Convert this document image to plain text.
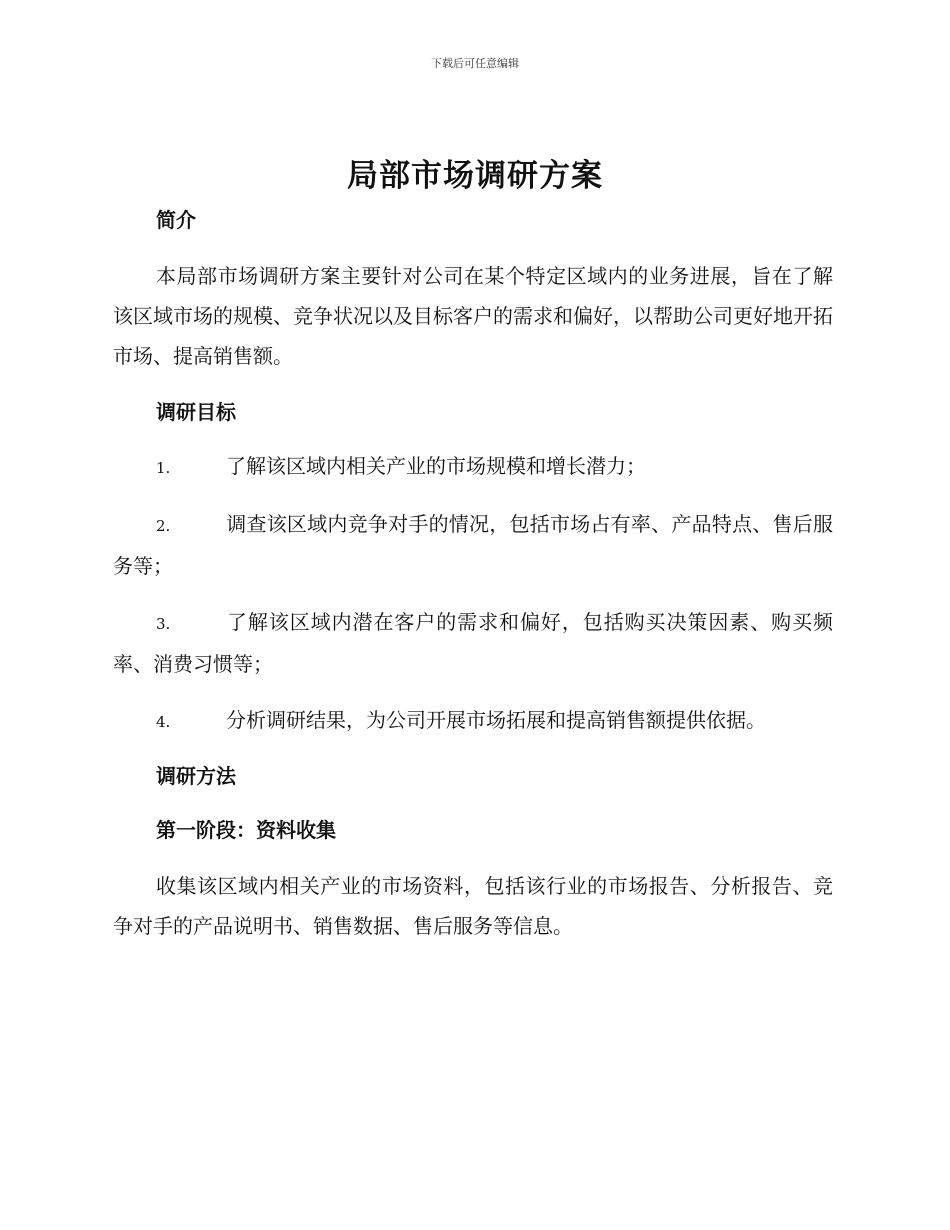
下载后可任意编辑
局部市场调研方案

简介

本局部市场调研方案主要针对公司在某个特定区域内的业务进展，旨在了解该区域市场的规模、竞争状况以及目标客户的需求和偏好，以帮助公司更好地开拓市场、提高销售额。

调研目标

1.	了解该区域内相关产业的市场规模和增长潜力；

2.	调查该区域内竞争对手的情况，包括市场占有率、产品特点、售后服务等；

3.	了解该区域内潜在客户的需求和偏好，包括购买决策因素、购买频率、消费习惯等；

4.	分析调研结果，为公司开展市场拓展和提高销售额提供依据。

调研方法

第一阶段：资料收集

收集该区域内相关产业的市场资料，包括该行业的市场报告、分析报告、竞争对手的产品说明书、销售数据、售后服务等信息。
